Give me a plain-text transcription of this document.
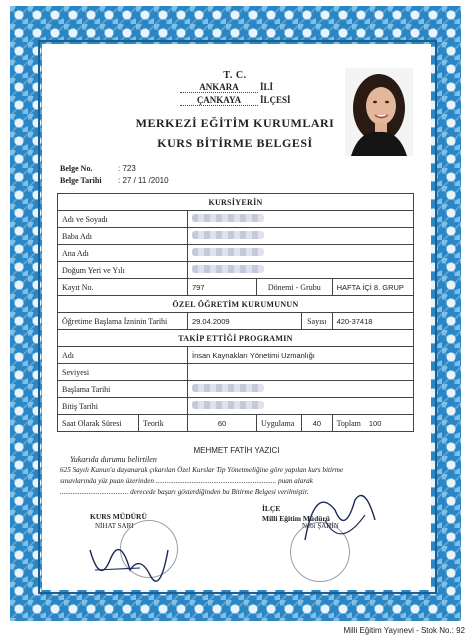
T. C.
ANKARA	İLİ
ÇANKAYA	İLÇESİ
MERKEZİ EĞİTİM KURUMLARI
KURS BİTİRME BELGESİ
Belge No.	: 723
Belge Tarihi : 27 / 11 /2010
KURSİYERİN					
Adı ve Soyadı					
Baba Adı					
Ana Adı					
Doğum Yeri ve Yılı					
Kayıt No.		797	Dönemi - Grubu		HAFTA İÇİ 8. GRUP
ÖZEL ÖĞRETİM KURUMUNUN					
Öğretime Başlama İzninin Tarihi		29.04.2009		Sayısı	420-37418
TAKİP ETTİĞİ PROGRAMIN					
Adı		İnsan Kaynakları Yönetimi Uzmanlığı			
Seviyesi					
Başlama Tarihi					
Bitiş Tarihi					
Saat Olarak Süresi	Teorik	60	Uygulama	40	Toplam 100
MEHMET FATİH YAZICI
Yukarıda durumu belirtilen
625 Sayılı Kanun'a dayanarak çıkarılan Özel Kurslar Tip Yönetmeliğine göre yapılan kurs bitirme
sınavlarında yüz puan üzerinden ................................................................... puan alarak
...................................... derecede başarı gösterdiğinden bu Bitirme Belgesi verilmiştir.
KURS MÜDÜRÜ
NİHAT SARI
İLÇE
Milli Eğitim Müdürü
Nebi ŞAHİN
Milli Eğitim Yayınevi - Stok No.: 92
